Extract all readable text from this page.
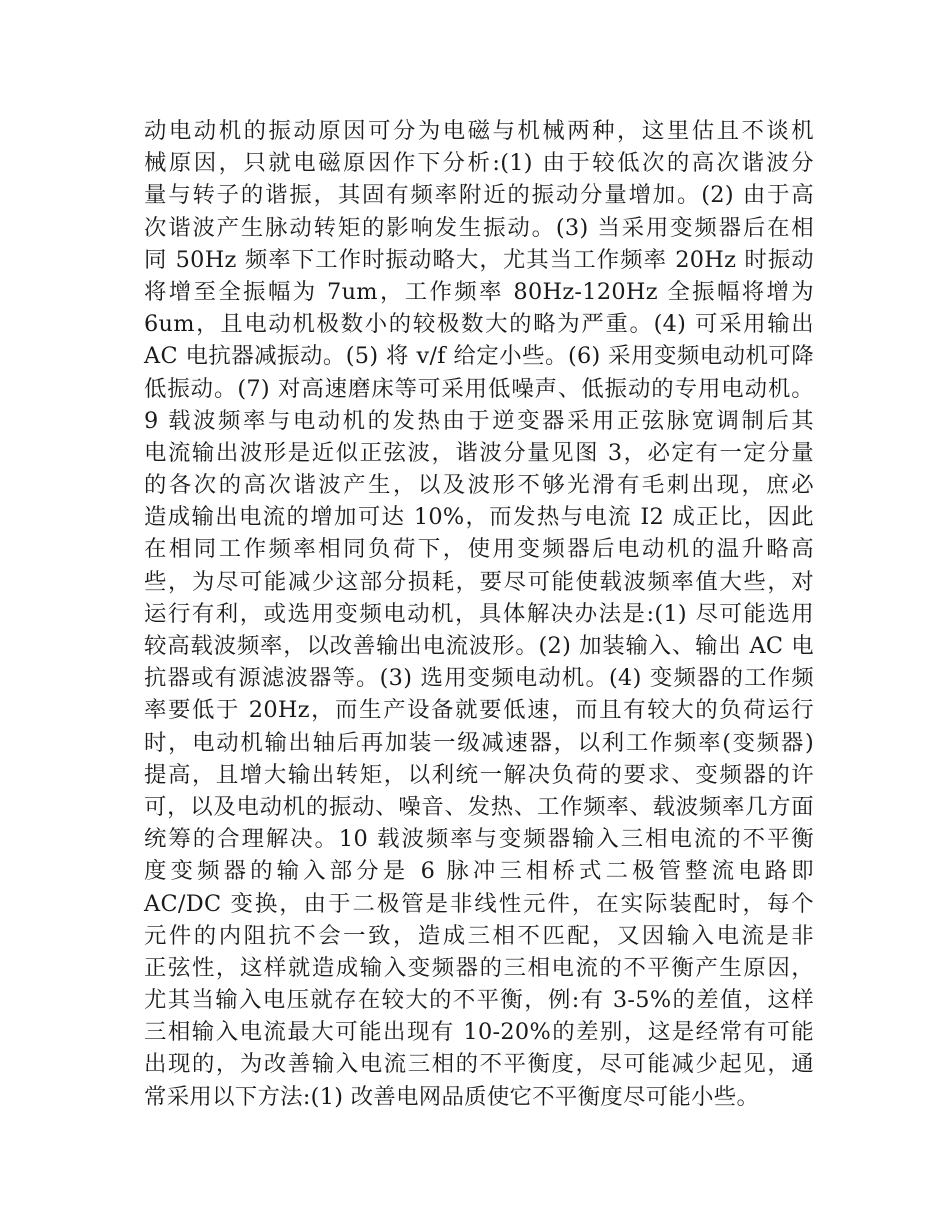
动电动机的振动原因可分为电磁与机械两种，这里估且不谈机
械原因，只就电磁原因作下分析:(1) 由于较低次的高次谐波分
量与转子的谐振，其固有频率附近的振动分量增加。(2) 由于高
次谐波产生脉动转矩的影响发生振动。(3) 当采用变频器后在相
同 50Hz 频率下工作时振动略大，尤其当工作频率 20Hz 时振动
将增至全振幅为 7um，工作频率 80Hz-120Hz 全振幅将增为
6um，且电动机极数小的较极数大的略为严重。(4) 可采用输出
AC 电抗器减振动。(5) 将 v/f 给定小些。(6) 采用变频电动机可降
低振动。(7) 对高速磨床等可采用低噪声、低振动的专用电动机。
9 载波频率与电动机的发热由于逆变器采用正弦脉宽调制后其
电流输出波形是近似正弦波，谐波分量见图 3，必定有一定分量
的各次的高次谐波产生，以及波形不够光滑有毛刺出现，庶必
造成输出电流的增加可达 10%，而发热与电流 I2 成正比，因此
在相同工作频率相同负荷下，使用变频器后电动机的温升略高
些，为尽可能减少这部分损耗，要尽可能使载波频率值大些，对
运行有利，或选用变频电动机，具体解决办法是:(1) 尽可能选用
较高载波频率，以改善输出电流波形。(2) 加装输入、输出 AC 电
抗器或有源滤波器等。(3) 选用变频电动机。(4) 变频器的工作频
率要低于 20Hz，而生产设备就要低速，而且有较大的负荷运行
时，电动机输出轴后再加装一级减速器，以利工作频率(变频器)
提高，且增大输出转矩，以利统一解决负荷的要求、变频器的许
可，以及电动机的振动、噪音、发热、工作频率、载波频率几方面
统筹的合理解决。10 载波频率与变频器输入三相电流的不平衡
度变频器的输入部分是 6 脉冲三相桥式二极管整流电路即
AC/DC 变换，由于二极管是非线性元件，在实际装配时，每个
元件的内阻抗不会一致，造成三相不匹配，又因输入电流是非
正弦性，这样就造成输入变频器的三相电流的不平衡产生原因，
尤其当输入电压就存在较大的不平衡，例:有 3-5%的差值，这样
三相输入电流最大可能出现有 10-20%的差别，这是经常有可能
出现的，为改善输入电流三相的不平衡度，尽可能减少起见，通
常采用以下方法:(1) 改善电网品质使它不平衡度尽可能小些。
